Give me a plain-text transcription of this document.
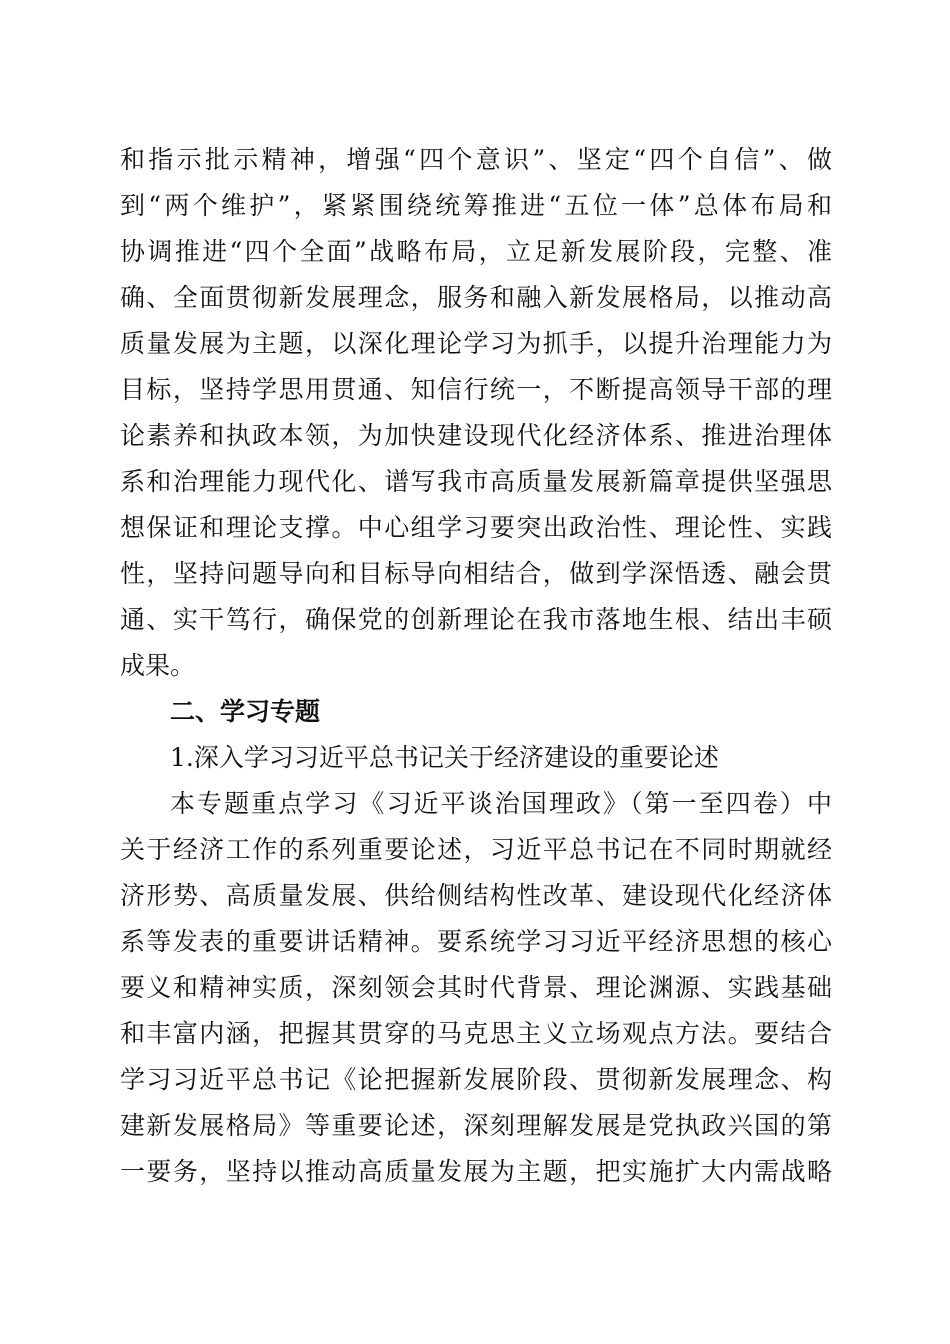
和指示批示精神，增强“四个意识”、坚定“四个自信”、做
到“两个维护”，紧紧围绕统筹推进“五位一体”总体布局和
协调推进“四个全面”战略布局，立足新发展阶段，完整、准
确、全面贯彻新发展理念，服务和融入新发展格局，以推动高
质量发展为主题，以深化理论学习为抓手，以提升治理能力为
目标，坚持学思用贯通、知信行统一，不断提高领导干部的理
论素养和执政本领，为加快建设现代化经济体系、推进治理体
系和治理能力现代化、谱写我市高质量发展新篇章提供坚强思
想保证和理论支撑。中心组学习要突出政治性、理论性、实践
性，坚持问题导向和目标导向相结合，做到学深悟透、融会贯
通、实干笃行，确保党的创新理论在我市落地生根、结出丰硕
成果。
二、学习专题
1.深入学习习近平总书记关于经济建设的重要论述
本专题重点学习《习近平谈治国理政》（第一至四卷）中
关于经济工作的系列重要论述，习近平总书记在不同时期就经
济形势、高质量发展、供给侧结构性改革、建设现代化经济体
系等发表的重要讲话精神。要系统学习习近平经济思想的核心
要义和精神实质，深刻领会其时代背景、理论渊源、实践基础
和丰富内涵，把握其贯穿的马克思主义立场观点方法。要结合
学习习近平总书记《论把握新发展阶段、贯彻新发展理念、构
建新发展格局》等重要论述，深刻理解发展是党执政兴国的第
一要务，坚持以推动高质量发展为主题，把实施扩大内需战略
